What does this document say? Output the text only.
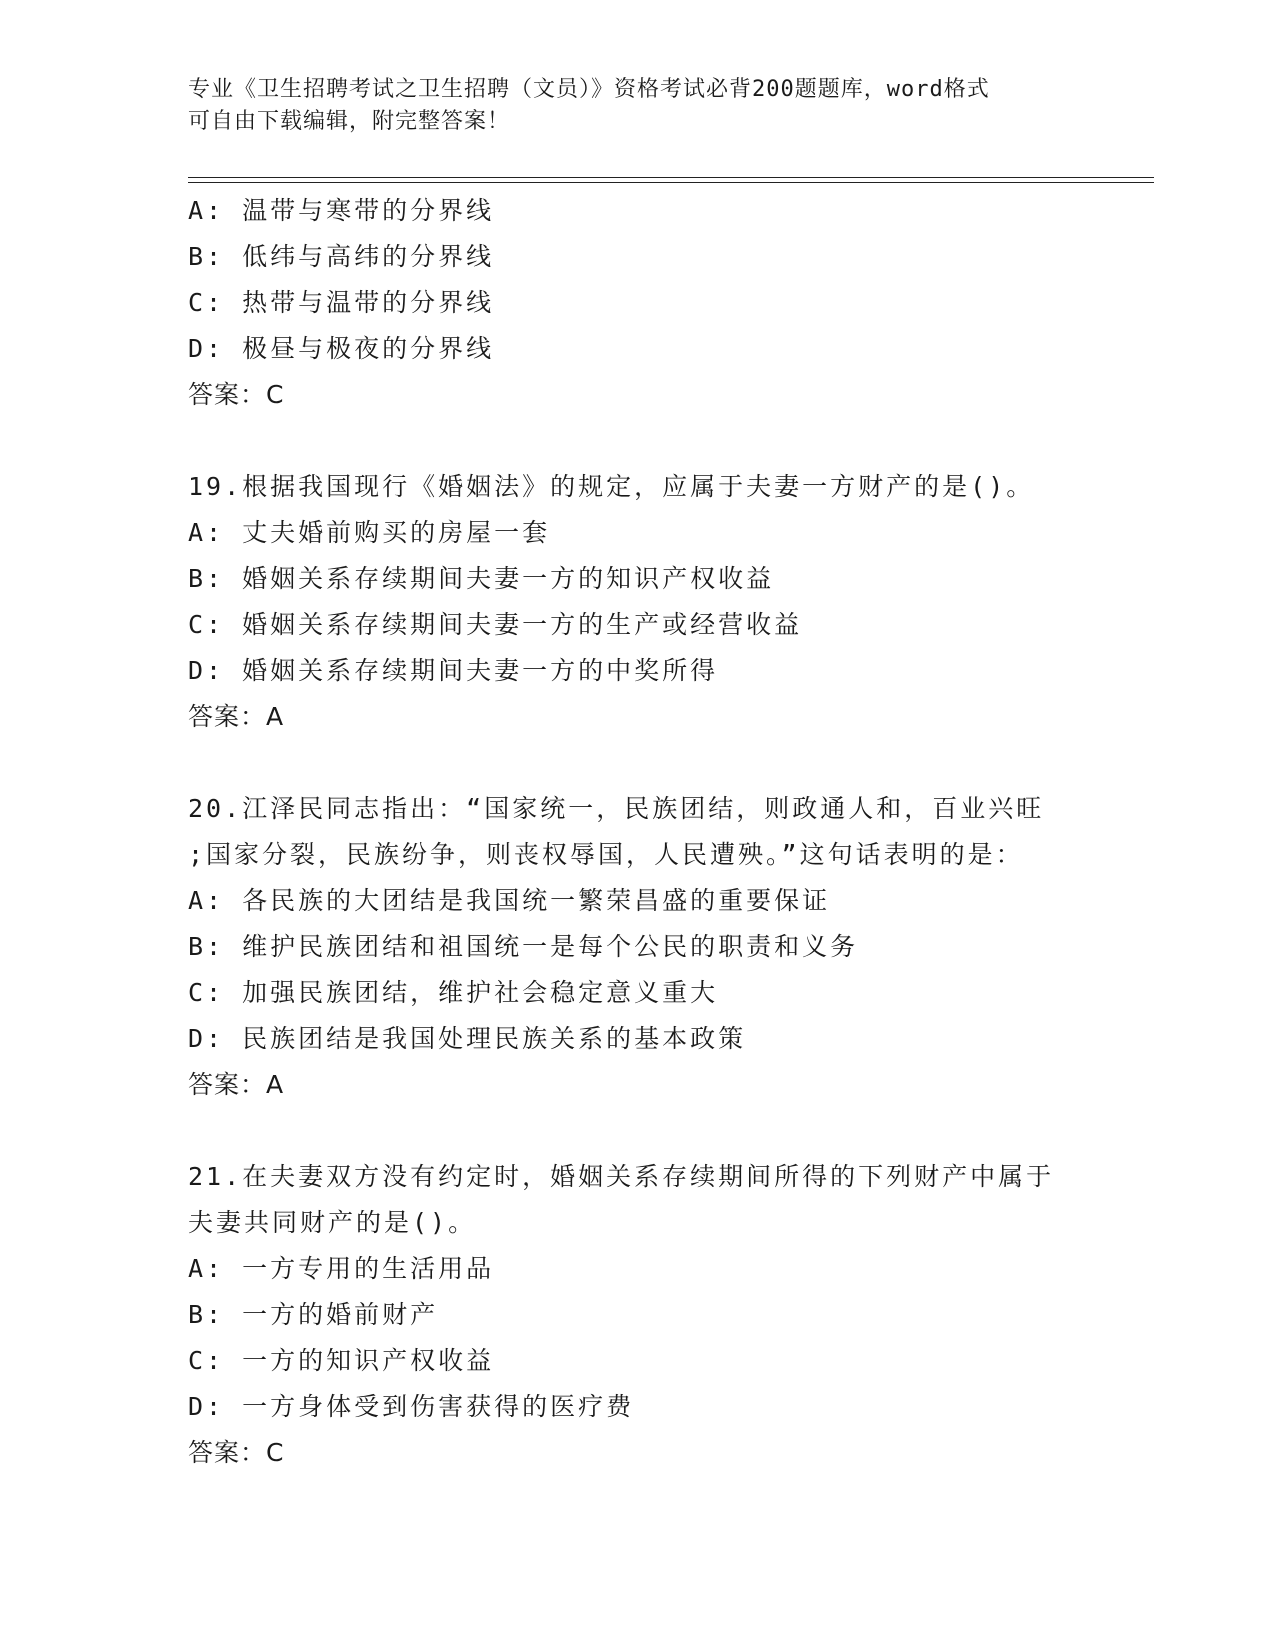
专业《卫生招聘考试之卫生招聘（文员）》资格考试必背200题题库，word格式
可自由下载编辑，附完整答案！
A: 温带与寒带的分界线
B: 低纬与高纬的分界线
C: 热带与温带的分界线
D: 极昼与极夜的分界线
答案：C
19.根据我国现行《婚姻法》的规定，应属于夫妻一方财产的是()。
A: 丈夫婚前购买的房屋一套
B: 婚姻关系存续期间夫妻一方的知识产权收益
C: 婚姻关系存续期间夫妻一方的生产或经营收益
D: 婚姻关系存续期间夫妻一方的中奖所得
答案：A
20.江泽民同志指出：“国家统一，民族团结，则政通人和，百业兴旺
;国家分裂，民族纷争，则丧权辱国，人民遭殃。”这句话表明的是：
A: 各民族的大团结是我国统一繁荣昌盛的重要保证
B: 维护民族团结和祖国统一是每个公民的职责和义务
C: 加强民族团结，维护社会稳定意义重大
D: 民族团结是我国处理民族关系的基本政策
答案：A
21.在夫妻双方没有约定时，婚姻关系存续期间所得的下列财产中属于
夫妻共同财产的是()。
A: 一方专用的生活用品
B: 一方的婚前财产
C: 一方的知识产权收益
D: 一方身体受到伤害获得的医疗费
答案：C
